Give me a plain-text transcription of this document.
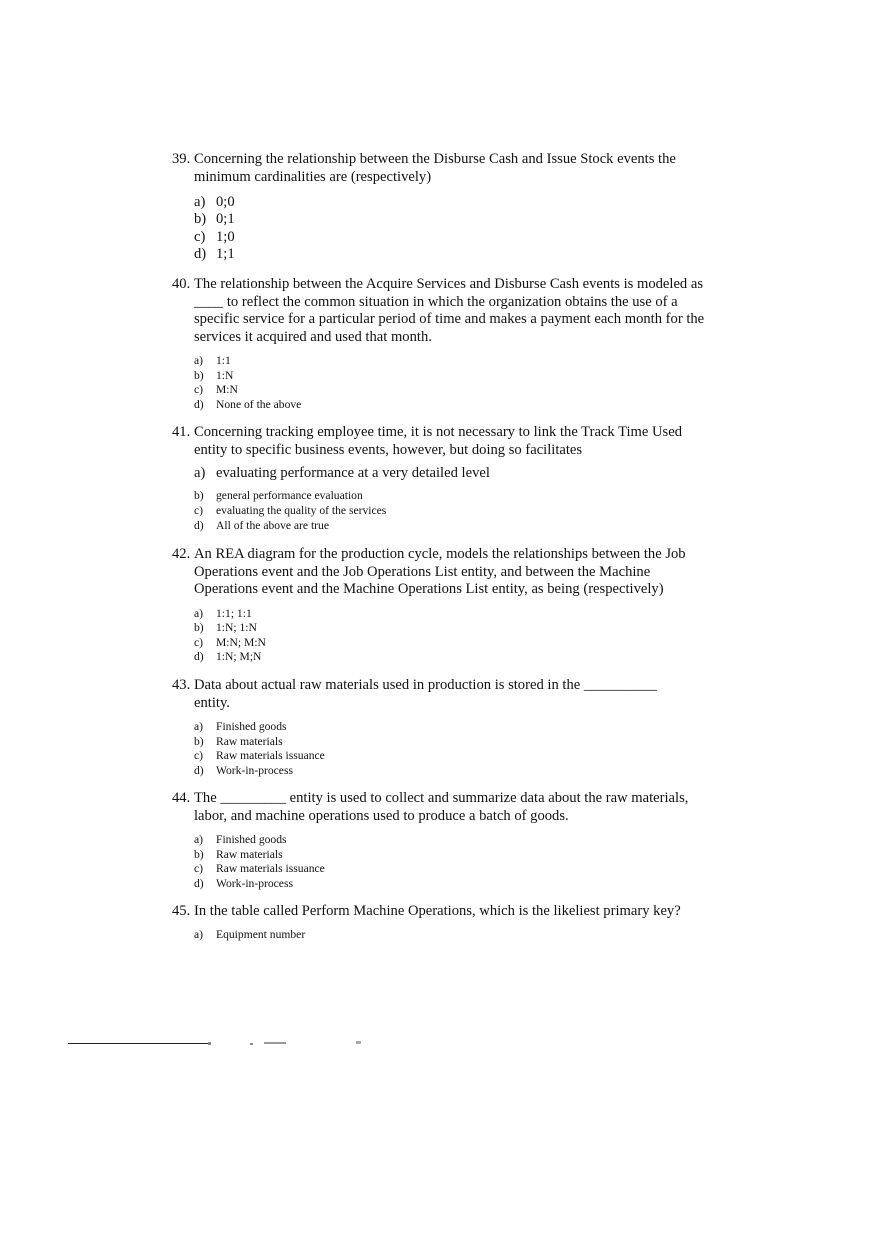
39. Concerning the relationship between the Disburse Cash and Issue Stock events the minimum cardinalities are (respectively)
a) 0;0
b) 0;1
c) 1;0
d) 1;1
40. The relationship between the Acquire Services and Disburse Cash events is modeled as ____ to reflect the common situation in which the organization obtains the use of a specific service for a particular period of time and makes a payment each month for the services it acquired and used that month.
a)	1:1
b)	1:N
c)	M:N
d)	None of the above
41. Concerning tracking employee time, it is not necessary to link the Track Time Used entity to specific business events, however, but doing so facilitates
a) evaluating performance at a very detailed level
b)	general performance evaluation
c)	evaluating the quality of the services
d)	All of the above are true
42. An REA diagram for the production cycle, models the relationships between the Job Operations event and the Job Operations List entity, and between the Machine Operations event and the Machine Operations List entity, as being (respectively)
a)	1:1; 1:1
b)	1:N; 1:N
c)	M:N; M:N
d)	1:N; M;N
43. Data about actual raw materials used in production is stored in the __________ entity.
a)	Finished goods
b)	Raw materials
c)	Raw materials issuance
d)	Work-in-process
44. The _________ entity is used to collect and summarize data about the raw materials, labor, and machine operations used to produce a batch of goods.
a)	Finished goods
b)	Raw materials
c)	Raw materials issuance
d)	Work-in-process
45. In the table called Perform Machine Operations, which is the likeliest primary key?
a)	Equipment number
